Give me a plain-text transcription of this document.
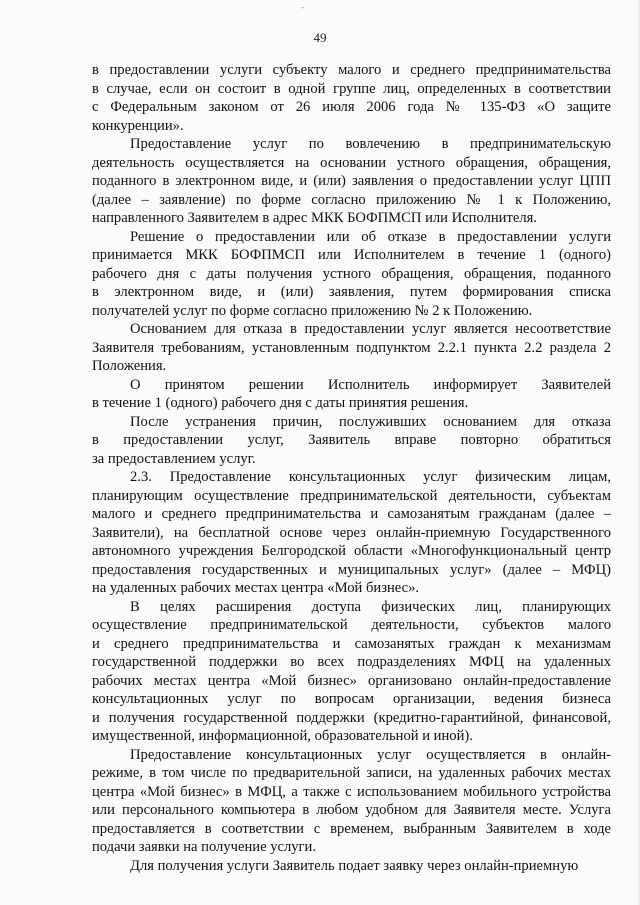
-
49
в предоставлении услуги субъекту малого и среднего предпринимательства
в случае, если он состоит в одной группе лиц, определенных в соответствии
с Федеральным законом от 26 июля 2006 года № 135-ФЗ «О защите
конкуренции».
Предоставление услуг по вовлечению в предпринимательскую
деятельность осуществляется на основании устного обращения, обращения,
поданного в электронном виде, и (или) заявления о предоставлении услуг ЦПП
(далее – заявление) по форме согласно приложению № 1 к Положению,
направленного Заявителем в адрес МКК БОФПМСП или Исполнителя.
Решение о предоставлении или об отказе в предоставлении услуги
принимается МКК БОФПМСП или Исполнителем в течение 1 (одного)
рабочего дня с даты получения устного обращения, обращения, поданного
в электронном виде, и (или) заявления, путем формирования списка
получателей услуг по форме согласно приложению № 2 к Положению.
Основанием для отказа в предоставлении услуг является несоответствие
Заявителя требованиям, установленным подпунктом 2.2.1 пункта 2.2 раздела 2
Положения.
О принятом решении Исполнитель информирует Заявителей
в течение 1 (одного) рабочего дня с даты принятия решения.
После устранения причин, послуживших основанием для отказа
в предоставлении услуг, Заявитель вправе повторно обратиться
за предоставлением услуг.
2.3. Предоставление консультационных услуг физическим лицам,
планирующим осуществление предпринимательской деятельности, субъектам
малого и среднего предпринимательства и самозанятым гражданам (далее –
Заявители), на бесплатной основе через онлайн-приемную Государственного
автономного учреждения Белгородской области «Многофункциональный центр
предоставления государственных и муниципальных услуг» (далее – МФЦ)
на удаленных рабочих местах центра «Мой бизнес».
В целях расширения доступа физических лиц, планирующих
осуществление предпринимательской деятельности, субъектов малого
и среднего предпринимательства и самозанятых граждан к механизмам
государственной поддержки во всех подразделениях МФЦ на удаленных
рабочих местах центра «Мой бизнес» организовано онлайн-предоставление
консультационных услуг по вопросам организации, ведения бизнеса
и получения государственной поддержки (кредитно-гарантийной, финансовой,
имущественной, информационной, образовательной и иной).
Предоставление консультационных услуг осуществляется в онлайн-
режиме, в том числе по предварительной записи, на удаленных рабочих местах
центра «Мой бизнес» в МФЦ, а также с использованием мобильного устройства
или персонального компьютера в любом удобном для Заявителя месте. Услуга
предоставляется в соответствии с временем, выбранным Заявителем в ходе
подачи заявки на получение услуги.
Для получения услуги Заявитель подает заявку через онлайн-приемную
